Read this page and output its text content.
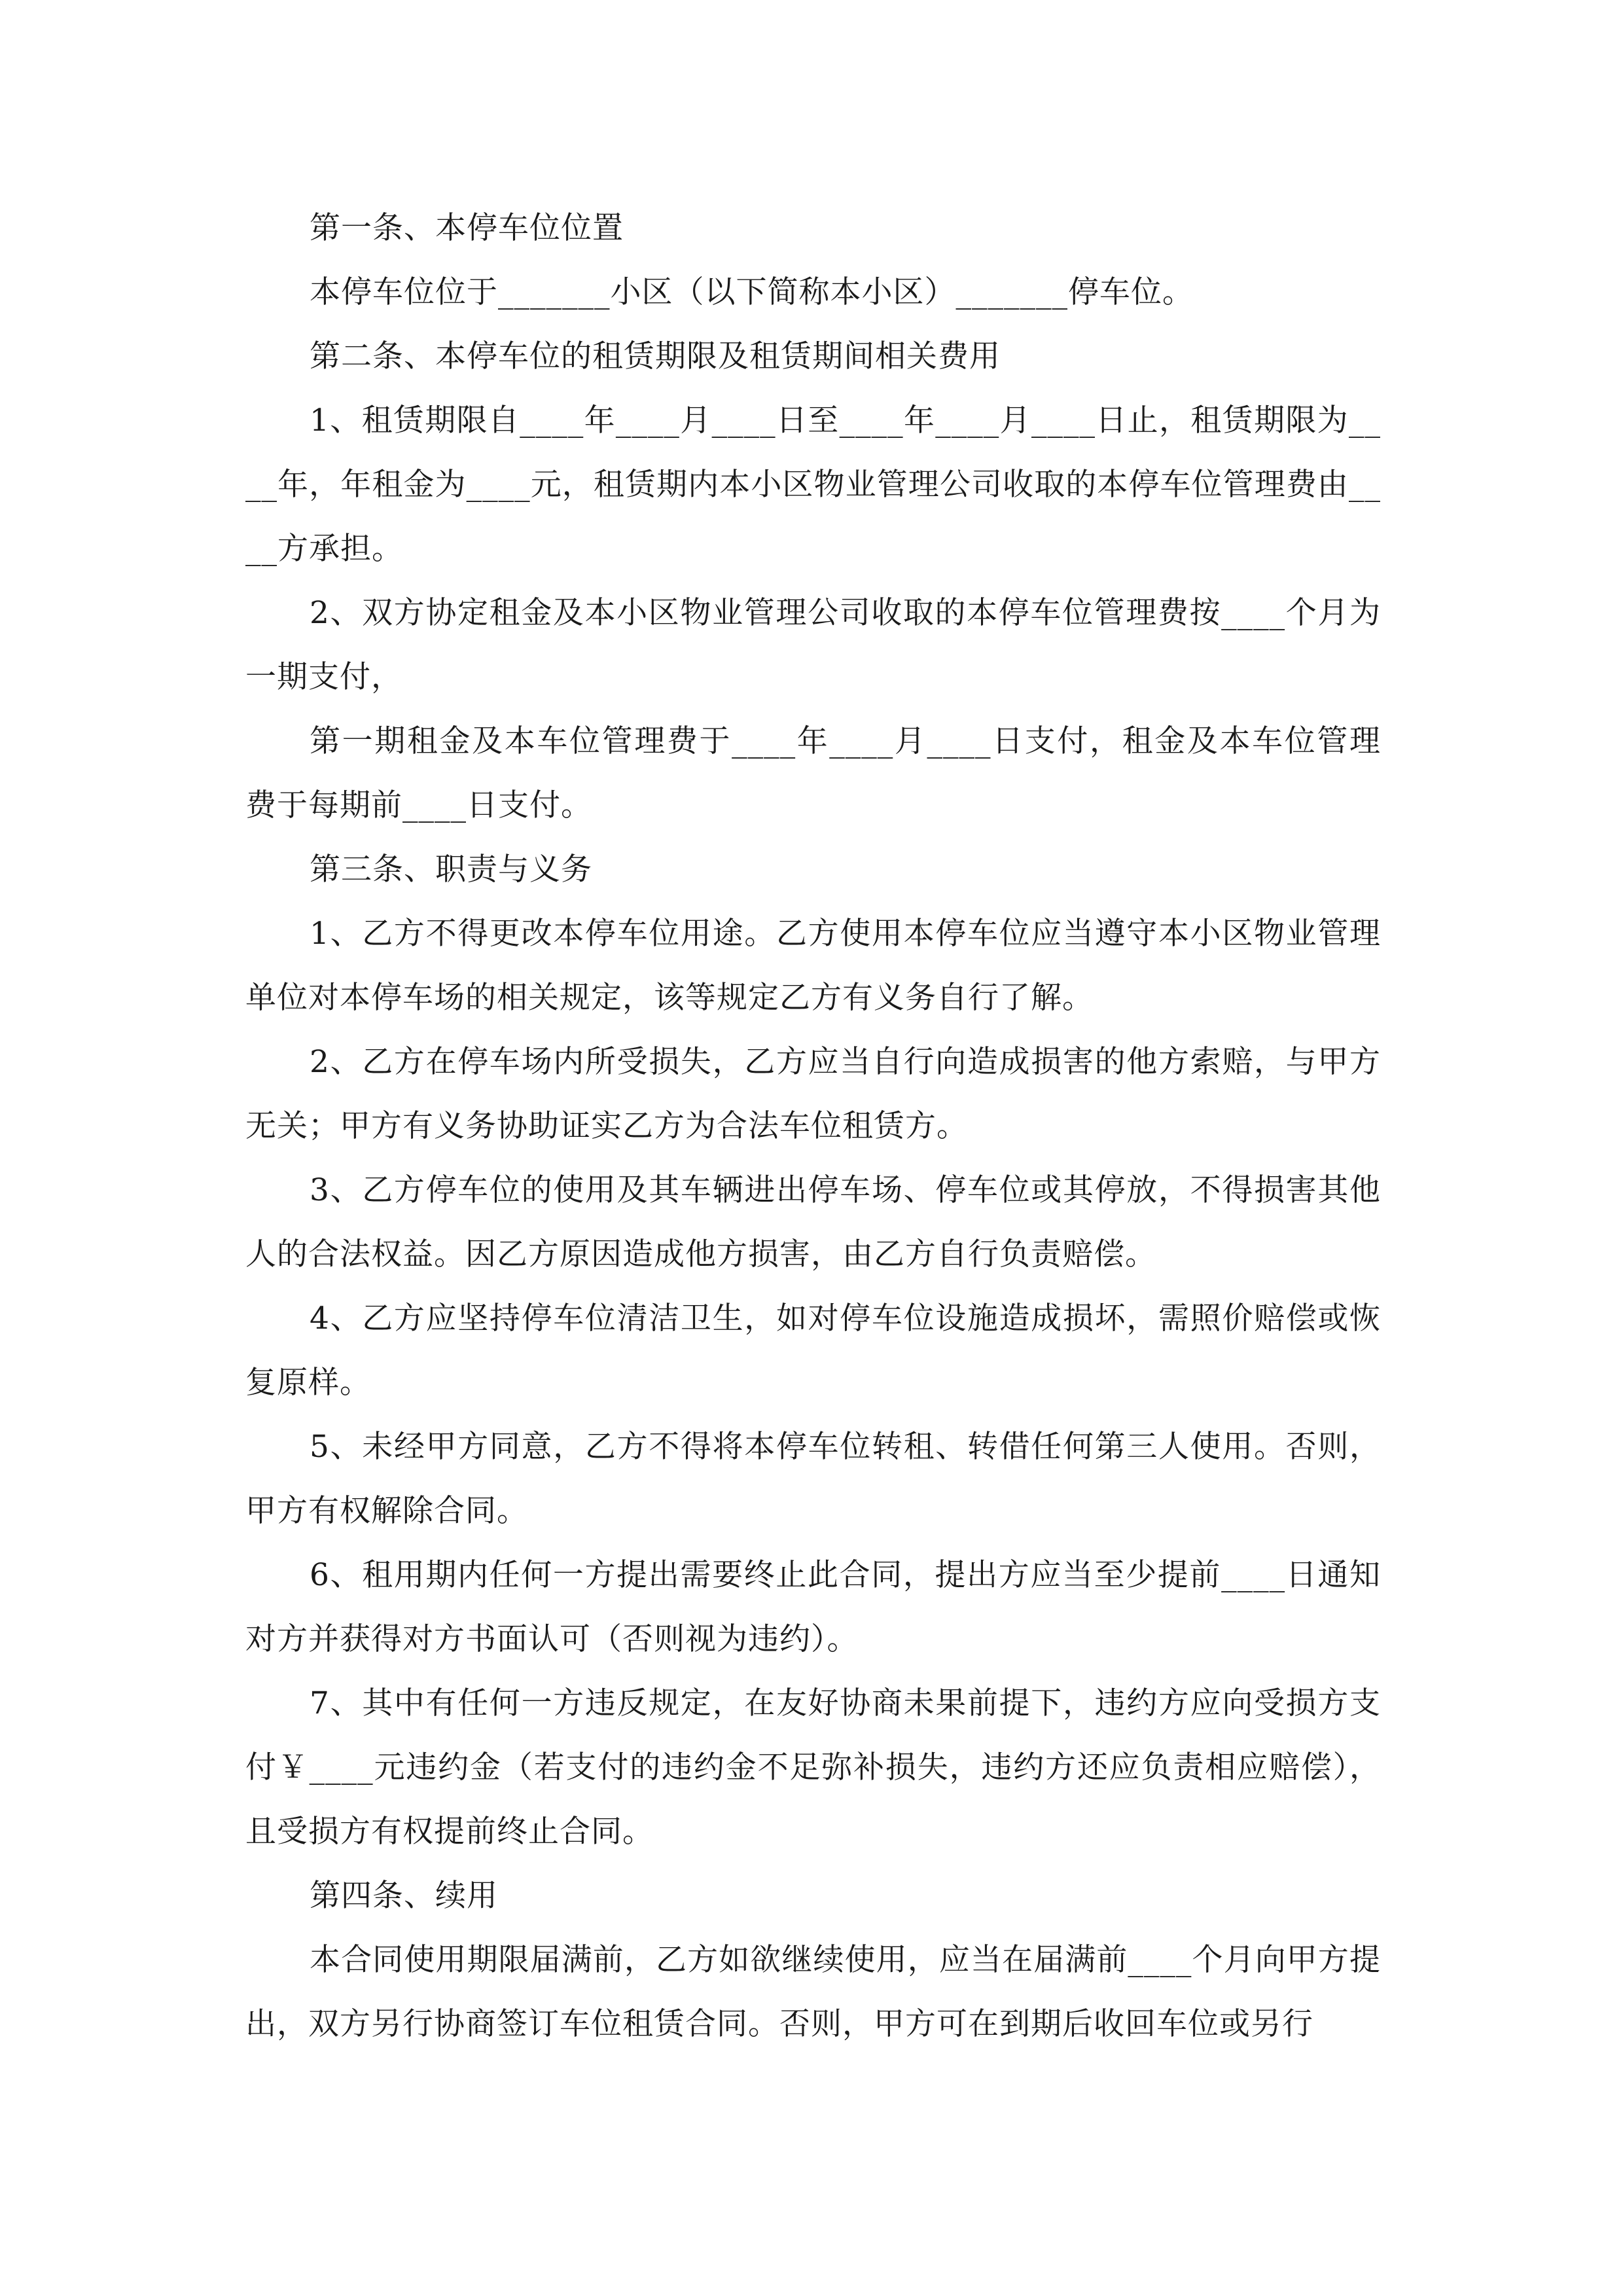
第一条、本停车位位置

本停车位位于_______小区（以下简称本小区）_______停车位。

第二条、本停车位的租赁期限及租赁期间相关费用

1、租赁期限自____年____月____日至____年____月____日止，租赁期限为____年，年租金为____元，租赁期内本小区物业管理公司收取的本停车位管理费由____方承担。

2、双方协定租金及本小区物业管理公司收取的本停车位管理费按____个月为一期支付，

第一期租金及本车位管理费于____年____月____日支付，租金及本车位管理费于每期前____日支付。

第三条、职责与义务

1、乙方不得更改本停车位用途。乙方使用本停车位应当遵守本小区物业管理单位对本停车场的相关规定，该等规定乙方有义务自行了解。

2、乙方在停车场内所受损失，乙方应当自行向造成损害的他方索赔，与甲方无关；甲方有义务协助证实乙方为合法车位租赁方。

3、乙方停车位的使用及其车辆进出停车场、停车位或其停放，不得损害其他人的合法权益。因乙方原因造成他方损害，由乙方自行负责赔偿。

4、乙方应坚持停车位清洁卫生，如对停车位设施造成损坏，需照价赔偿或恢复原样。

5、未经甲方同意，乙方不得将本停车位转租、转借任何第三人使用。否则，甲方有权解除合同。

6、租用期内任何一方提出需要终止此合同，提出方应当至少提前____日通知对方并获得对方书面认可（否则视为违约）。

7、其中有任何一方违反规定，在友好协商未果前提下，违约方应向受损方支付￥____元违约金（若支付的违约金不足弥补损失，违约方还应负责相应赔偿），且受损方有权提前终止合同。

第四条、续用

本合同使用期限届满前，乙方如欲继续使用，应当在届满前____个月向甲方提出，双方另行协商签订车位租赁合同。否则，甲方可在到期后收回车位或另行
